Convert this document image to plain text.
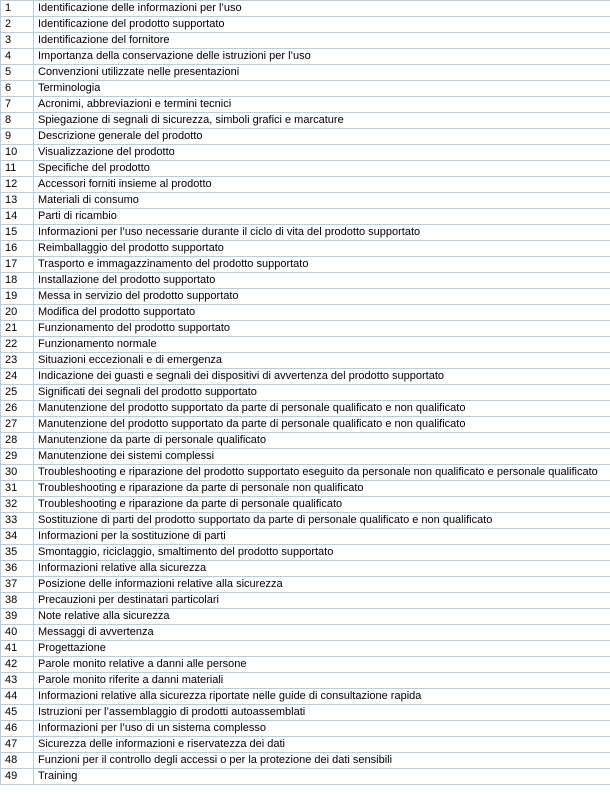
1	Identificazione delle informazioni per l’uso
2	Identificazione del prodotto supportato
3	Identificazione del fornitore
4	Importanza della conservazione delle istruzioni per l’uso
5	Convenzioni utilizzate nelle presentazioni
6	Terminologia
7	Acronimi, abbreviazioni e termini tecnici
8	Spiegazione di segnali di sicurezza, simboli grafici e marcature
9	Descrizione generale del prodotto
10	Visualizzazione del prodotto
11	Specifiche del prodotto
12	Accessori forniti insieme al prodotto
13	Materiali di consumo
14	Parti di ricambio
15	Informazioni per l’uso necessarie durante il ciclo di vita del prodotto supportato
16	Reimballaggio del prodotto supportato
17	Trasporto e immagazzinamento del prodotto supportato
18	Installazione del prodotto supportato
19	Messa in servizio del prodotto supportato
20	Modifica del prodotto supportato
21	Funzionamento del prodotto supportato
22	Funzionamento normale
23	Situazioni eccezionali e di emergenza
24	Indicazione dei guasti e segnali dei dispositivi di avvertenza del prodotto supportato
25	Significati dei segnali del prodotto supportato
26	Manutenzione del prodotto supportato da parte di personale qualificato e non qualificato
27	Manutenzione del prodotto supportato da parte di personale qualificato e non qualificato
28	Manutenzione da parte di personale qualificato
29	Manutenzione dei sistemi complessi
30	Troubleshooting e riparazione del prodotto supportato eseguito da personale non qualificato e personale qualificato
31	Troubleshooting e riparazione da parte di personale non qualificato
32	Troubleshooting e riparazione da parte di personale qualificato
33	Sostituzione di parti del prodotto supportato da parte di personale qualificato e non qualificato
34	Informazioni per la sostituzione di parti
35	Smontaggio, riciclaggio, smaltimento del prodotto supportato
36	Informazioni relative alla sicurezza
37	Posizione delle informazioni relative alla sicurezza
38	Precauzioni per destinatari particolari
39	Note relative alla sicurezza
40	Messaggi di avvertenza
41	Progettazione
42	Parole monito relative a danni alle persone
43	Parole monito riferite a danni materiali
44	Informazioni relative alla sicurezza riportate nelle guide di consultazione rapida
45	Istruzioni per l’assemblaggio di prodotti autoassemblati
46	Informazioni per l’uso di un sistema complesso
47	Sicurezza delle informazioni e riservatezza dei dati
48	Funzioni per il controllo degli accessi o per la protezione dei dati sensibili
49	Training
